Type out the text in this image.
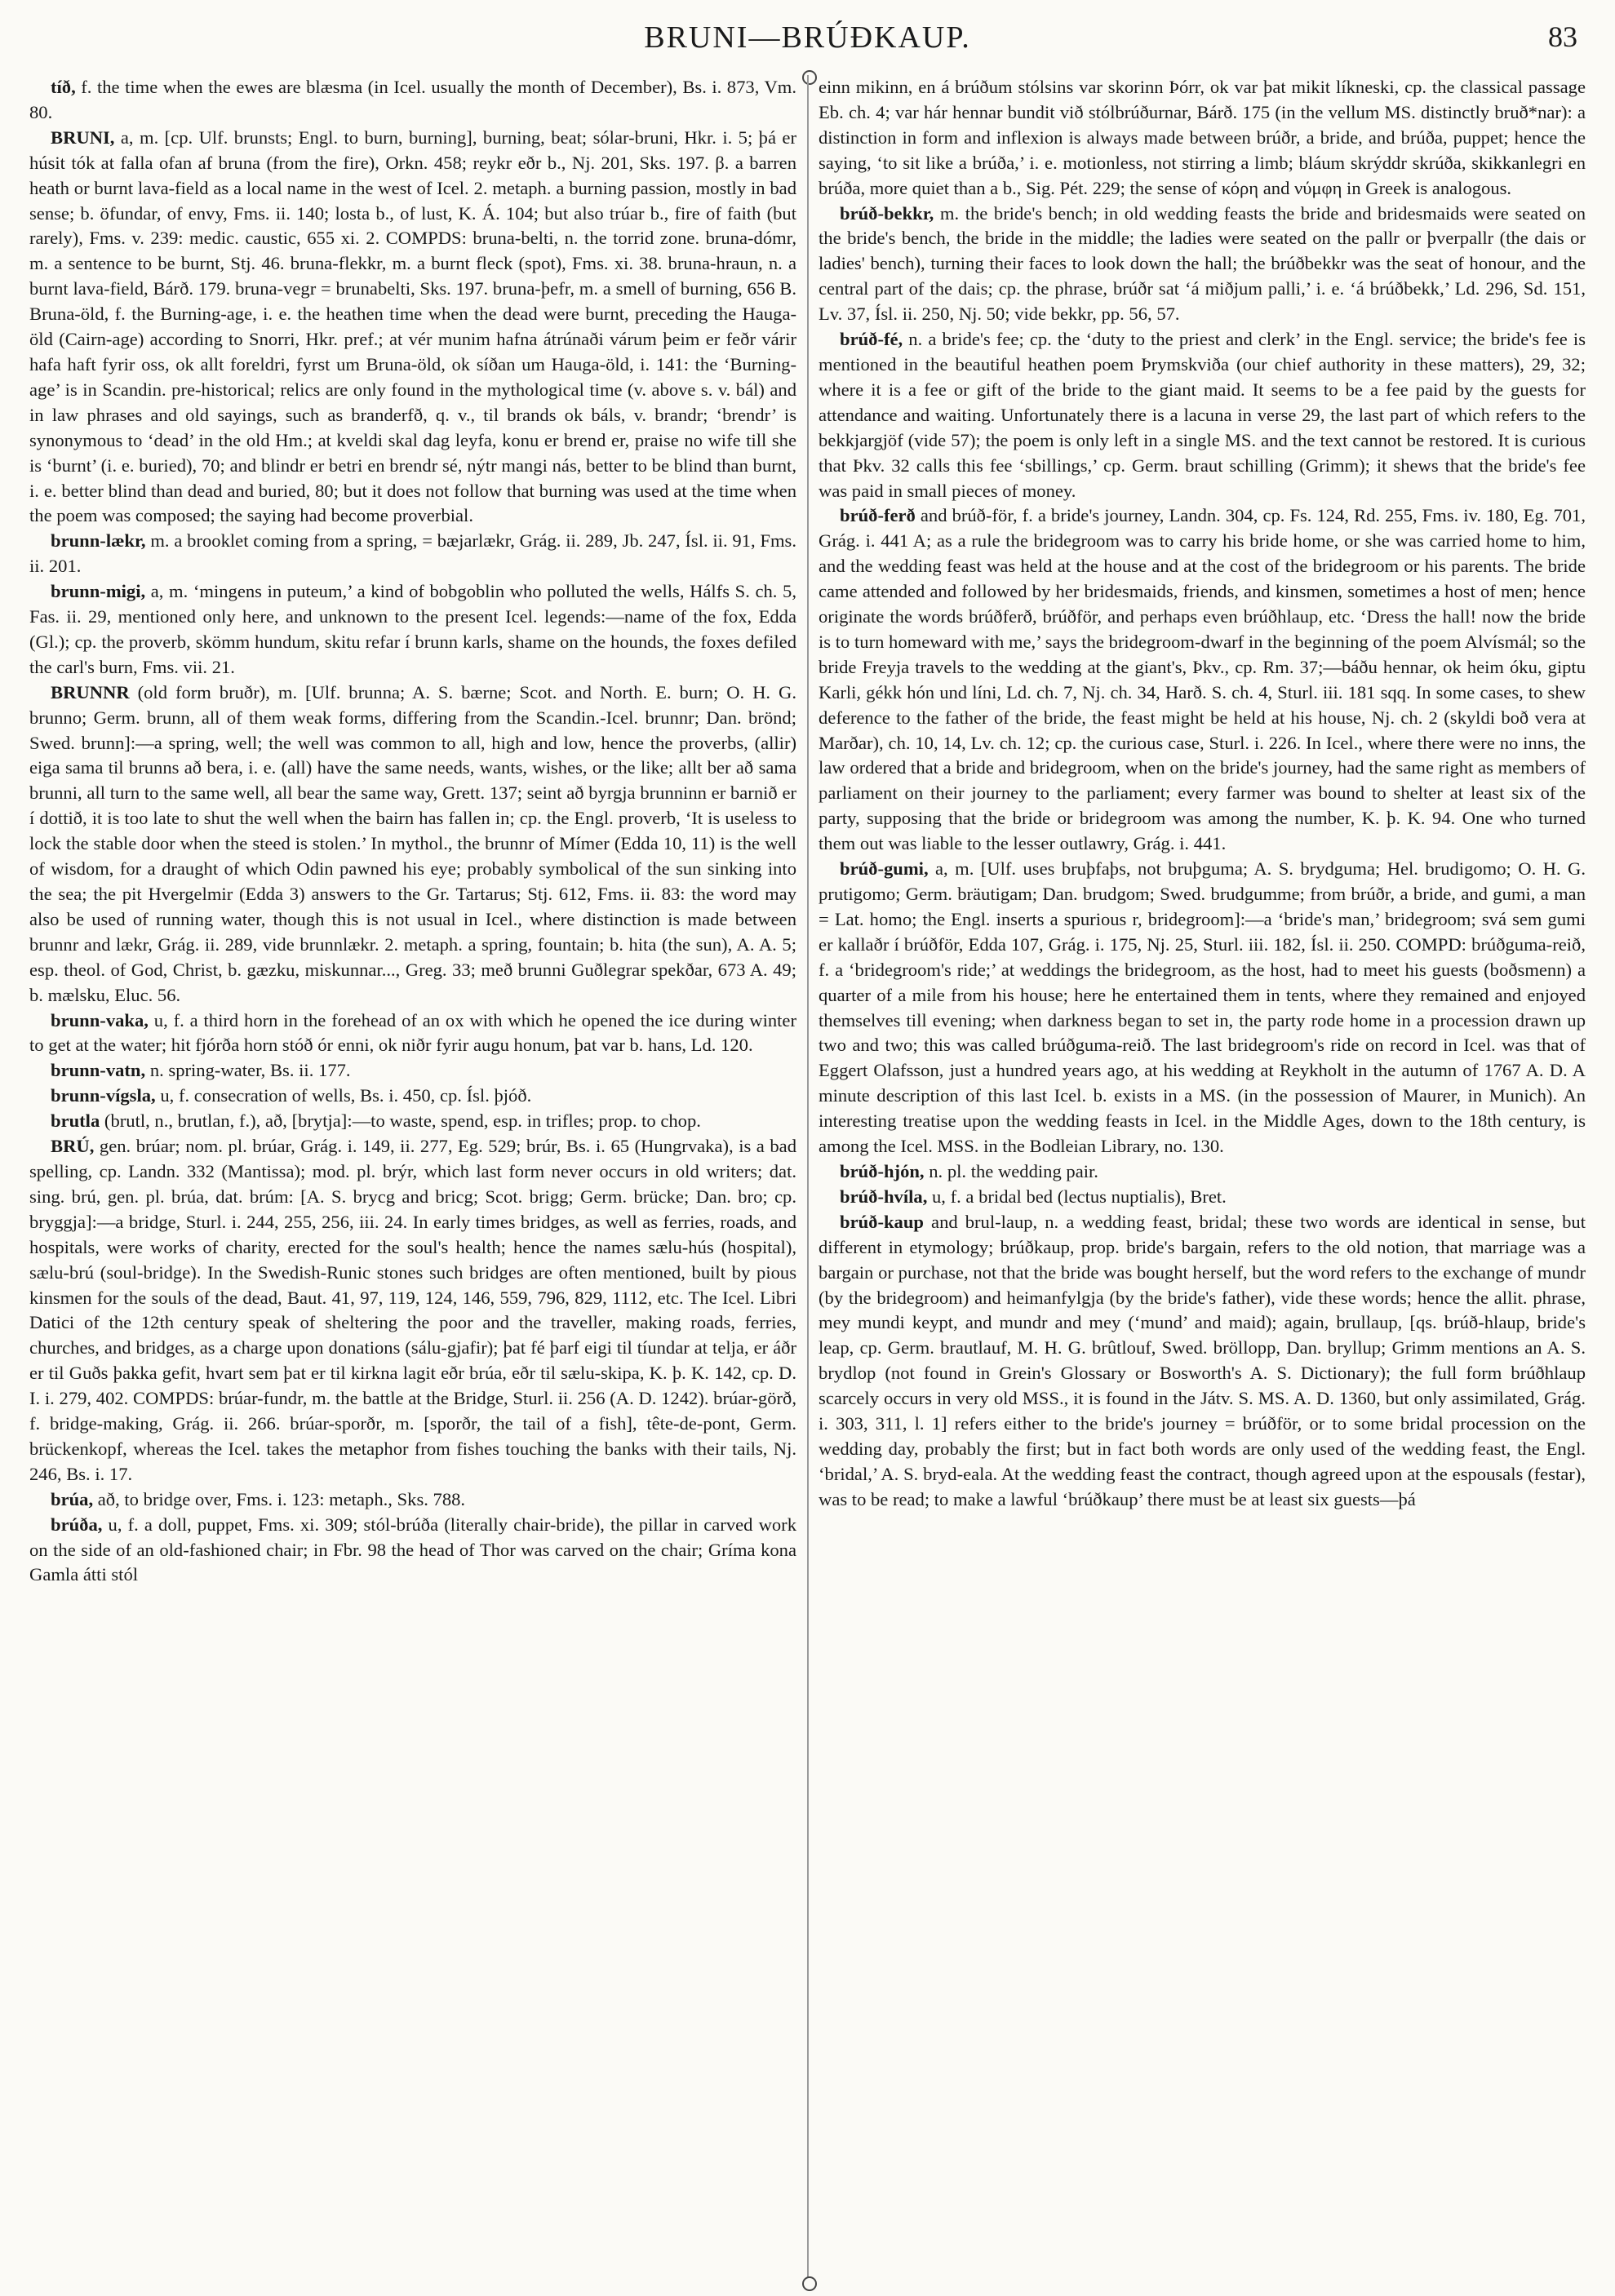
BRUNI—BRÚÐKAUP.	83

tíð, f. the time when the ewes are blæsma (in Icel. usually the month of December), Bs. i. 873, Vm. 80.

BRUNI, a, m. [cp. Ulf. brunsts; Engl. to burn, burning], burning, beat; sólar-bruni, Hkr. i. 5; þá er húsit tók at falla ofan af bruna (from the fire), Orkn. 458; reykr eðr b., Nj. 201, Sks. 197. β. a barren heath or burnt lava-field as a local name in the west of Icel. 2. metaph. a burning passion, mostly in bad sense; b. öfundar, of envy, Fms. ii. 140; losta b., of lust, K. Á. 104; but also trúar b., fire of faith (but rarely), Fms. v. 239: medic. caustic, 655 xi. 2. COMPDS: bruna-belti, n. the torrid zone. bruna-dómr, m. a sentence to be burnt, Stj. 46. bruna-flekkr, m. a burnt fleck (spot), Fms. xi. 38. bruna-hraun, n. a burnt lava-field, Bárð. 179. bruna-vegr = brunabelti, Sks. 197. bruna-þefr, m. a smell of burning, 656 B. Bruna-öld, f. the Burning-age, i. e. the heathen time when the dead were burnt, preceding the Hauga-öld (Cairn-age) according to Snorri, Hkr. pref.; at vér munim hafna átrúnaði várum þeim er feðr várir hafa haft fyrir oss, ok allt foreldri, fyrst um Bruna-öld, ok síðan um Hauga-öld, i. 141: the ‘Burning-age’ is in Scandin. pre-historical; relics are only found in the mythological time (v. above s. v. bál) and in law phrases and old sayings, such as branderfð, q. v., til brands ok báls, v. brandr; ‘brendr’ is synonymous to ‘dead’ in the old Hm.; at kveldi skal dag leyfa, konu er brend er, praise no wife till she is ‘burnt’ (i. e. buried), 70; and blindr er betri en brendr sé, nýtr mangi nás, better to be blind than burnt, i. e. better blind than dead and buried, 80; but it does not follow that burning was used at the time when the poem was composed; the saying had become proverbial.

brunn-lækr, m. a brooklet coming from a spring, = bæjarlækr, Grág. ii. 289, Jb. 247, Ísl. ii. 91, Fms. ii. 201.

brunn-migi, a, m. ‘mingens in puteum,’ a kind of bobgoblin who polluted the wells, Hálfs S. ch. 5, Fas. ii. 29, mentioned only here, and unknown to the present Icel. legends:—name of the fox, Edda (Gl.); cp. the proverb, skömm hundum, skitu refar í brunn karls, shame on the hounds, the foxes defiled the carl's burn, Fms. vii. 21.

BRUNNR (old form bruðr), m. [Ulf. brunna; A. S. bærne; Scot. and North. E. burn; O. H. G. brunno; Germ. brunn, all of them weak forms, differing from the Scandin.-Icel. brunnr; Dan. brönd; Swed. brunn]:—a spring, well; the well was common to all, high and low, hence the proverbs, (allir) eiga sama til brunns að bera, i. e. (all) have the same needs, wants, wishes, or the like; allt ber að sama brunni, all turn to the same well, all bear the same way, Grett. 137; seint að byrgja brunninn er barnið er í dottið, it is too late to shut the well when the bairn has fallen in; cp. the Engl. proverb, ‘It is useless to lock the stable door when the steed is stolen.’ In mythol., the brunnr of Mímer (Edda 10, 11) is the well of wisdom, for a draught of which Odin pawned his eye; probably symbolical of the sun sinking into the sea; the pit Hvergelmir (Edda 3) answers to the Gr. Tartarus; Stj. 612, Fms. ii. 83: the word may also be used of running water, though this is not usual in Icel., where distinction is made between brunnr and lækr, Grág. ii. 289, vide brunnlækr. 2. metaph. a spring, fountain; b. hita (the sun), A. A. 5; esp. theol. of God, Christ, b. gæzku, miskunnar..., Greg. 33; með brunni Guðlegrar spekðar, 673 A. 49; b. mælsku, Eluc. 56.

brunn-vaka, u, f. a third horn in the forehead of an ox with which he opened the ice during winter to get at the water; hit fjórða horn stóð ór enni, ok niðr fyrir augu honum, þat var b. hans, Ld. 120.

brunn-vatn, n. spring-water, Bs. ii. 177.

brunn-vígsla, u, f. consecration of wells, Bs. i. 450, cp. Ísl. þjóð.

brutla (brutl, n., brutlan, f.), að, [brytja]:—to waste, spend, esp. in trifles; prop. to chop.

BRÚ, gen. brúar; nom. pl. brúar, Grág. i. 149, ii. 277, Eg. 529; brúr, Bs. i. 65 (Hungrvaka), is a bad spelling, cp. Landn. 332 (Mantissa); mod. pl. brýr, which last form never occurs in old writers; dat. sing. brú, gen. pl. brúa, dat. brúm: [A. S. brycg and bricg; Scot. brigg; Germ. brücke; Dan. bro; cp. bryggja]:—a bridge, Sturl. i. 244, 255, 256, iii. 24. In early times bridges, as well as ferries, roads, and hospitals, were works of charity, erected for the soul's health; hence the names sælu-hús (hospital), sælu-brú (soul-bridge). In the Swedish-Runic stones such bridges are often mentioned, built by pious kinsmen for the souls of the dead, Baut. 41, 97, 119, 124, 146, 559, 796, 829, 1112, etc. The Icel. Libri Datici of the 12th century speak of sheltering the poor and the traveller, making roads, ferries, churches, and bridges, as a charge upon donations (sálu-gjafir); þat fé þarf eigi til tíundar at telja, er áðr er til Guðs þakka gefit, hvart sem þat er til kirkna lagit eðr brúa, eðr til sælu-skipa, K. þ. K. 142, cp. D. I. i. 279, 402. COMPDS: brúar-fundr, m. the battle at the Bridge, Sturl. ii. 256 (A. D. 1242). brúar-görð, f. bridge-making, Grág. ii. 266. brúar-sporðr, m. [sporðr, the tail of a fish], tête-de-pont, Germ. brückenkopf, whereas the Icel. takes the metaphor from fishes touching the banks with their tails, Nj. 246, Bs. i. 17.

brúa, að, to bridge over, Fms. i. 123: metaph., Sks. 788.

brúða, u, f. a doll, puppet, Fms. xi. 309; stól-brúða (literally chair-bride), the pillar in carved work on the side of an old-fashioned chair; in Fbr. 98 the head of Thor was carved on the chair; Gríma kona Gamla átti stól

einn mikinn, en á brúðum stólsins var skorinn Þórr, ok var þat mikit líkneski, cp. the classical passage Eb. ch. 4; var hár hennar bundit við stólbrúðurnar, Bárð. 175 (in the vellum MS. distinctly bruð*nar): a distinction in form and inflexion is always made between brúðr, a bride, and brúða, puppet; hence the saying, ‘to sit like a brúða,’ i. e. motionless, not stirring a limb; bláum skrýddr skrúða, skikkanlegri en brúða, more quiet than a b., Sig. Pét. 229; the sense of κόρη and νύμφη in Greek is analogous.

brúð-bekkr, m. the bride's bench; in old wedding feasts the bride and bridesmaids were seated on the bride's bench, the bride in the middle; the ladies were seated on the pallr or þverpallr (the dais or ladies' bench), turning their faces to look down the hall; the brúðbekkr was the seat of honour, and the central part of the dais; cp. the phrase, brúðr sat ‘á miðjum palli,’ i. e. ‘á brúðbekk,’ Ld. 296, Sd. 151, Lv. 37, Ísl. ii. 250, Nj. 50; vide bekkr, pp. 56, 57.

brúð-fé, n. a bride's fee; cp. the ‘duty to the priest and clerk’ in the Engl. service; the bride's fee is mentioned in the beautiful heathen poem Þrymskviða (our chief authority in these matters), 29, 32; where it is a fee or gift of the bride to the giant maid. It seems to be a fee paid by the guests for attendance and waiting. Unfortunately there is a lacuna in verse 29, the last part of which refers to the bekkjargjöf (vide 57); the poem is only left in a single MS. and the text cannot be restored. It is curious that Þkv. 32 calls this fee ‘sbillings,’ cp. Germ. braut schilling (Grimm); it shews that the bride's fee was paid in small pieces of money.

brúð-ferð and brúð-för, f. a bride's journey, Landn. 304, cp. Fs. 124, Rd. 255, Fms. iv. 180, Eg. 701, Grág. i. 441 A; as a rule the bridegroom was to carry his bride home, or she was carried home to him, and the wedding feast was held at the house and at the cost of the bridegroom or his parents. The bride came attended and followed by her bridesmaids, friends, and kinsmen, sometimes a host of men; hence originate the words brúðferð, brúðför, and perhaps even brúðhlaup, etc. ‘Dress the hall! now the bride is to turn homeward with me,’ says the bridegroom-dwarf in the beginning of the poem Alvísmál; so the bride Freyja travels to the wedding at the giant's, Þkv., cp. Rm. 37;—báðu hennar, ok heim óku, giptu Karli, gékk hón und líni, Ld. ch. 7, Nj. ch. 34, Harð. S. ch. 4, Sturl. iii. 181 sqq. In some cases, to shew deference to the father of the bride, the feast might be held at his house, Nj. ch. 2 (skyldi boð vera at Marðar), ch. 10, 14, Lv. ch. 12; cp. the curious case, Sturl. i. 226. In Icel., where there were no inns, the law ordered that a bride and bridegroom, when on the bride's journey, had the same right as members of parliament on their journey to the parliament; every farmer was bound to shelter at least six of the party, supposing that the bride or bridegroom was among the number, K. þ. K. 94. One who turned them out was liable to the lesser outlawry, Grág. i. 441.

brúð-gumi, a, m. [Ulf. uses bruþfaþs, not bruþguma; A. S. brydguma; Hel. brudigomo; O. H. G. prutigomo; Germ. bräutigam; Dan. brudgom; Swed. brudgumme; from brúðr, a bride, and gumi, a man = Lat. homo; the Engl. inserts a spurious r, bridegroom]:—a ‘bride's man,’ bridegroom; svá sem gumi er kallaðr í brúðför, Edda 107, Grág. i. 175, Nj. 25, Sturl. iii. 182, Ísl. ii. 250. COMPD: brúðguma-reið, f. a ‘bridegroom's ride;’ at weddings the bridegroom, as the host, had to meet his guests (boðsmenn) a quarter of a mile from his house; here he entertained them in tents, where they remained and enjoyed themselves till evening; when darkness began to set in, the party rode home in a procession drawn up two and two; this was called brúðguma-reið. The last bridegroom's ride on record in Icel. was that of Eggert Olafsson, just a hundred years ago, at his wedding at Reykholt in the autumn of 1767 A. D. A minute description of this last Icel. b. exists in a MS. (in the possession of Maurer, in Munich). An interesting treatise upon the wedding feasts in Icel. in the Middle Ages, down to the 18th century, is among the Icel. MSS. in the Bodleian Library, no. 130.

brúð-hjón, n. pl. the wedding pair.

brúð-hvíla, u, f. a bridal bed (lectus nuptialis), Bret.

brúð-kaup and brul-laup, n. a wedding feast, bridal; these two words are identical in sense, but different in etymology; brúðkaup, prop. bride's bargain, refers to the old notion, that marriage was a bargain or purchase, not that the bride was bought herself, but the word refers to the exchange of mundr (by the bridegroom) and heimanfylgja (by the bride's father), vide these words; hence the allit. phrase, mey mundi keypt, and mundr and mey (‘mund’ and maid); again, brullaup, [qs. brúð-hlaup, bride's leap, cp. Germ. brautlauf, M. H. G. brûtlouf, Swed. bröllopp, Dan. bryllup; Grimm mentions an A. S. brydlop (not found in Grein's Glossary or Bosworth's A. S. Dictionary); the full form brúðhlaup scarcely occurs in very old MSS., it is found in the Játv. S. MS. A. D. 1360, but only assimilated, Grág. i. 303, 311, l. 1] refers either to the bride's journey = brúðför, or to some bridal procession on the wedding day, probably the first; but in fact both words are only used of the wedding feast, the Engl. ‘bridal,’ A. S. bryd-eala. At the wedding feast the contract, though agreed upon at the espousals (festar), was to be read; to make a lawful ‘brúðkaup’ there must be at least six guests—þá
